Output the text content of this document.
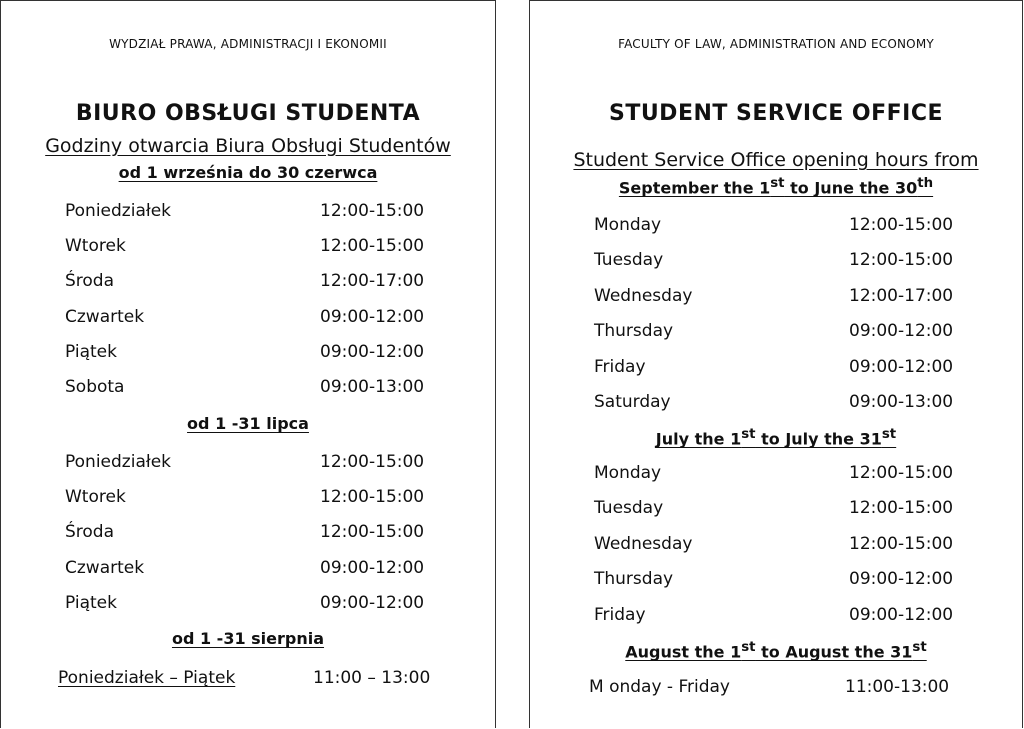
WYDZIAŁ PRAWA, ADMINISTRACJI I EKONOMII
BIURO OBSŁUGI STUDENTA
Godziny otwarcia Biura Obsługi Studentów
od 1 września do 30 czerwca
Poniedziałek	12:00-15:00
Wtorek	12:00-15:00
Środa	12:00-17:00
Czwartek	09:00-12:00
Piątek	09:00-12:00
Sobota	09:00-13:00
od 1 -31 lipca
Poniedziałek	12:00-15:00
Wtorek	12:00-15:00
Środa	12:00-15:00
Czwartek	09:00-12:00
Piątek	09:00-12:00
od 1 -31 sierpnia
Poniedziałek – Piątek	11:00 – 13:00
FACULTY OF LAW, ADMINISTRATION AND ECONOMY
STUDENT SERVICE OFFICE
Student Service Office opening hours from
September the 1st to June the 30th
Monday	12:00-15:00
Tuesday	12:00-15:00
Wednesday	12:00-17:00
Thursday	09:00-12:00
Friday	09:00-12:00
Saturday	09:00-13:00
July the 1st to July the 31st
Monday	12:00-15:00
Tuesday	12:00-15:00
Wednesday	12:00-15:00
Thursday	09:00-12:00
Friday	09:00-12:00
August the 1st to August the 31st
M onday - Friday	11:00-13:00
